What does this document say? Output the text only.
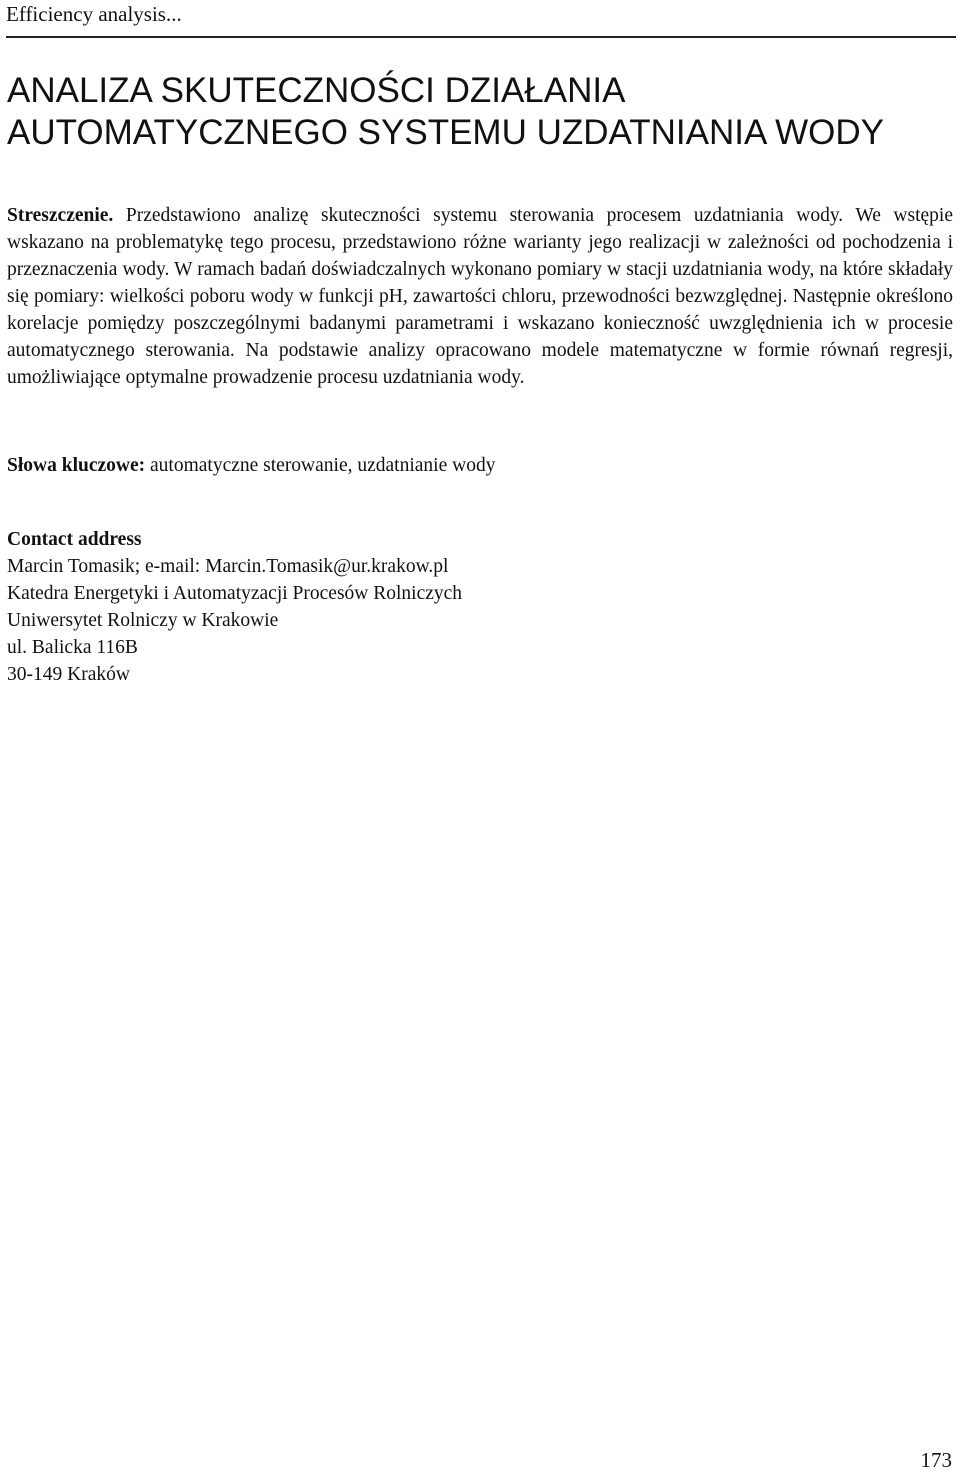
Efficiency analysis...
ANALIZA SKUTECZNOŚCI DZIAŁANIA
AUTOMATYCZNEGO SYSTEMU UZDATNIANIA WODY

Streszczenie. Przedstawiono analizę skuteczności systemu sterowania procesem uzdatniania wody. We wstępie wskazano na problematykę tego procesu, przedstawiono różne warianty jego realizacji w zależności od pochodzenia i przeznaczenia wody. W ramach badań doświadczalnych wykonano pomiary w stacji uzdatniania wody, na które składały się pomiary: wielkości poboru wody w funkcji pH, zawartości chloru, przewodności bezwzględnej. Następnie określono korelacje pomiędzy poszczególnymi badanymi parametrami i wskazano konieczność uwzględnienia ich w procesie automatycznego sterowania. Na podstawie analizy opracowano modele matematyczne w formie równań regresji, umożliwiające optymalne prowadzenie procesu uzdatniania wody.

Słowa kluczowe: automatyczne sterowanie, uzdatnianie wody

Contact address
Marcin Tomasik; e-mail: Marcin.Tomasik@ur.krakow.pl
Katedra Energetyki i Automatyzacji Procesów Rolniczych
Uniwersytet Rolniczy w Krakowie
ul. Balicka 116B
30-149 Kraków
173
